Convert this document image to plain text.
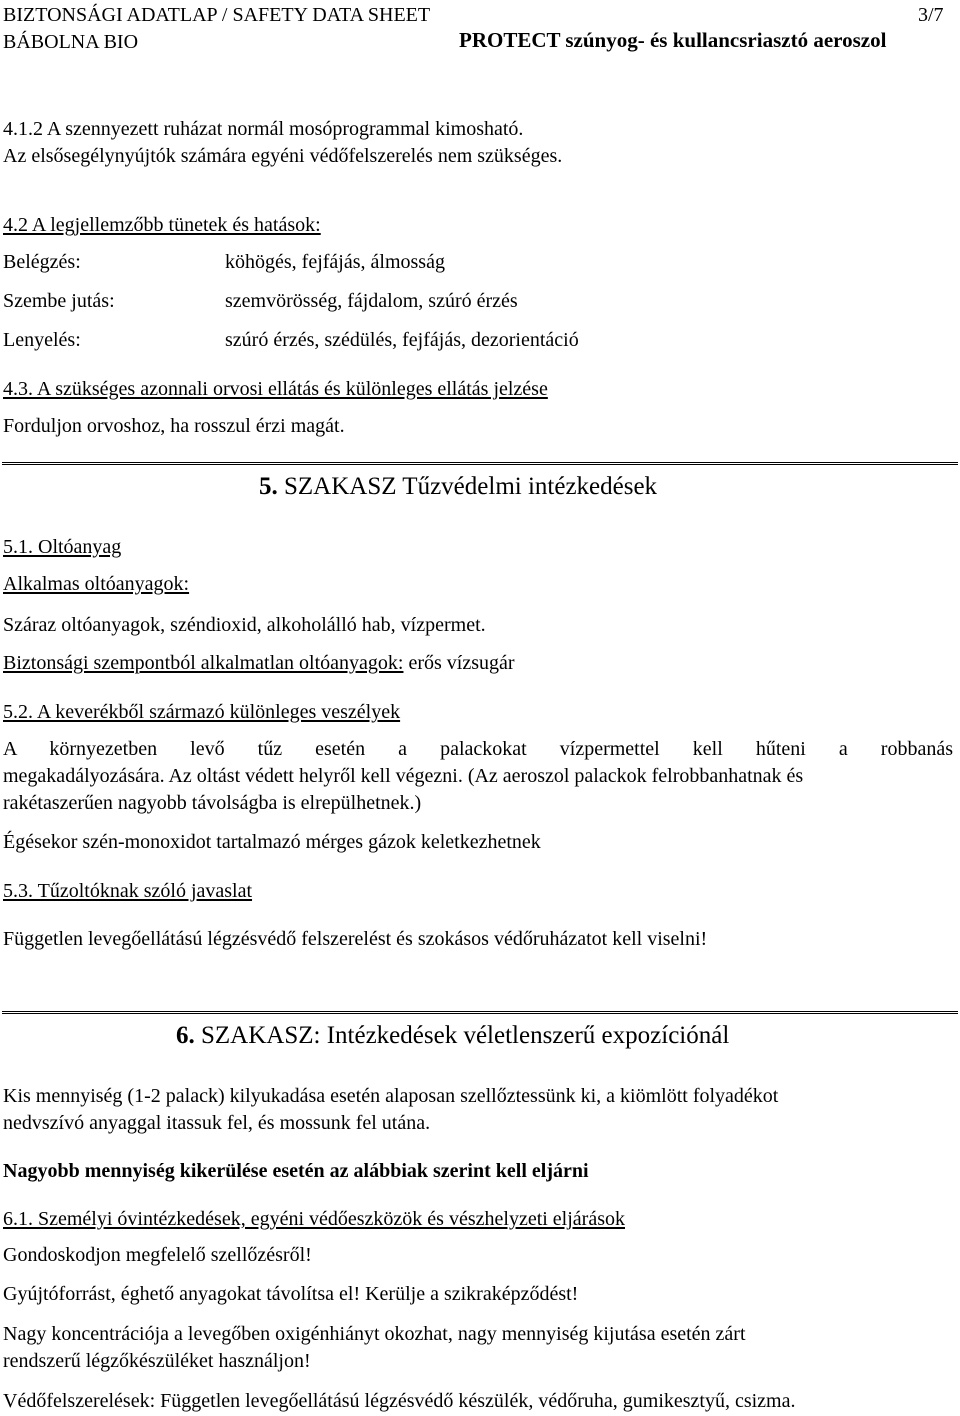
BIZTONSÁGI ADATLAP / SAFETY DATA SHEET	3/7
BÁBOLNA BIO	PROTECT szúnyog- és kullancsriasztó aeroszol
4.1.2 A szennyezett ruházat normál mosóprogrammal kimosható.
Az elsősegélynyújtók számára egyéni védőfelszerelés nem szükséges.
4.2 A legjellemzőbb tünetek és hatások:
Belégzés:	köhögés, fejfájás, álmosság
Szembe jutás:	szemvörösség, fájdalom, szúró érzés
Lenyelés:	szúró érzés, szédülés, fejfájás, dezorientáció
4.3. A szükséges azonnali orvosi ellátás és különleges ellátás jelzése
Forduljon orvoshoz, ha rosszul érzi magát.
5. SZAKASZ Tűzvédelmi intézkedések
5.1. Oltóanyag
Alkalmas oltóanyagok:
Száraz oltóanyagok, széndioxid, alkoholálló hab, vízpermet.
Biztonsági szempontból alkalmatlan oltóanyagok: erős vízsugár
5.2. A keverékből származó különleges veszélyek
A környezetben levő tűz esetén a palackokat vízpermettel kell hűteni a robbanás
megakadályozására. Az oltást védett helyről kell végezni. (Az aeroszol palackok felrobbanhatnak és
rakétaszerűen nagyobb távolságba is elrepülhetnek.)
Égésekor szén-monoxidot tartalmazó mérges gázok keletkezhetnek
5.3. Tűzoltóknak szóló javaslat
Független levegőellátású légzésvédő felszerelést és szokásos védőruházatot kell viselni!
6. SZAKASZ: Intézkedések véletlenszerű expozíciónál
Kis mennyiség (1-2 palack) kilyukadása esetén alaposan szellőztessünk ki, a kiömlött folyadékot
nedvszívó anyaggal itassuk fel, és mossunk fel utána.
Nagyobb mennyiség kikerülése esetén az alábbiak szerint kell eljárni
6.1. Személyi óvintézkedések, egyéni védőeszközök és vészhelyzeti eljárások
Gondoskodjon megfelelő szellőzésről!
Gyújtóforrást, éghető anyagokat távolítsa el! Kerülje a szikraképződést!
Nagy koncentrációja a levegőben oxigénhiányt okozhat, nagy mennyiség kijutása esetén zárt
rendszerű légzőkészüléket használjon!
Védőfelszerelések: Független levegőellátású légzésvédő készülék, védőruha, gumikesztyű, csizma.
